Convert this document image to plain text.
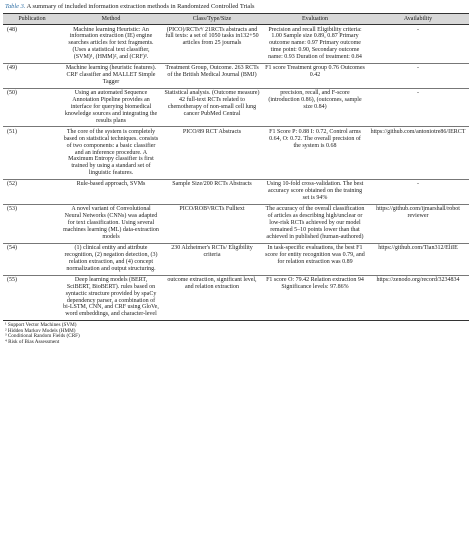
Table 3. A summary of included information extraction methods in Randomized Controlled Trials
Publication	Method	Class/Type/Size	Evaluation	Availability
(48)	Machine learning Heuristic: An information extraction (IE) engine searches articles for text fragments. (Uses a statistical text classifier, (SVM)¹, (HMM)², and (CRF)³.	(PICO)/RCTs⁴/ 21RCTs abstracts and full texts: a set of 1050 tasks in132+50 articles from 25 journals	Precision and recall Eligibility criteria: 1.00 Sample size 0.89, 0.87 Primary outcome name: 0.97 Primary outcome time point: 0.90, Secondary outcome name: 0.93 Duration of treatment: 0.84	-
(49)	Machine learning (heuristic features). CRF classifier and MALLET Simple Tagger	Treatment Group, Outcome. 263 RCTs of the British Medical Journal (BMJ)	F1 score Treatment group 0.76 Outcomes 0.42	-
(50)	Using an automated Sequence Annotation Pipeline provides an interface for querying biomedical knowledge sources and integrating the results plans	Statistical analysis. (Outcome measure) 42 full-text RCTs related to chemotherapy of non-small cell lung cancer PubMed Central	precision, recall, and F-score (introduction 0.86), (outcomes, sample size 0.84)	-
(51)	The core of the system is completely based on statistical techniques. consists of two components: a basic classifier and an inference procedure. A Maximum Entropy classifier is first trained by using a standard set of linguistic features.	PICO/89 RCT Abstracts	F1 Score P: 0.88 I: 0.72, Control arms 0.64, O: 0.72. The overall precision of the system is 0.68	https://github.com/antoniotre86/IERCT
(52)	Rule-based approach, SVMs	Sample Size/200 RCTs Abstracts	Using 10-fold cross-validation. The best accuracy score obtained on the training set is 94%	-
(53)	A novel variant of Convolutional Neural Networks (CNNs) was adapted for text classification. Using several machines learning (ML) data-extraction models	PICO/ROB⁵/RCTs Fulltext	The accuracy of the overall classification of articles as describing high/unclear or low-risk RCTs achieved by our model remained 5–10 points lower than that achieved in published (human-authored)	https://github.com/ijmarshall/robot reviewer
(54)	(1) clinical entity and attribute recognition, (2) negation detection, (3) relation extraction, and (4) concept normalization and output structuring.	230 Alzheimer's RCTs/ Eligibility criteria	In task-specific evaluations, the best F1 score for entity recognition was 0.79, and for relation extraction was 0.89	https://github.com/Tian312/EliIE
(55)	Deep learning models (BERT, SciBERT, BioBERT). rules based on syntactic structure provided by spaCy dependency parser, a combination of bi-LSTM, CNN, and CRF using GloVe, word embeddings, and character-level	outcome extraction, significant level, and relation extraction	F1 score O: 79.42 Relation extraction 94 Significance levels: 97.86%	https://zenodo.org/record/3234834
¹ Support Vector Machines (SVM)
² Hidden Markov Models (HMM)
³ Conditional Random Fields (CRF)
⁴ Risk of Bias Assessment
